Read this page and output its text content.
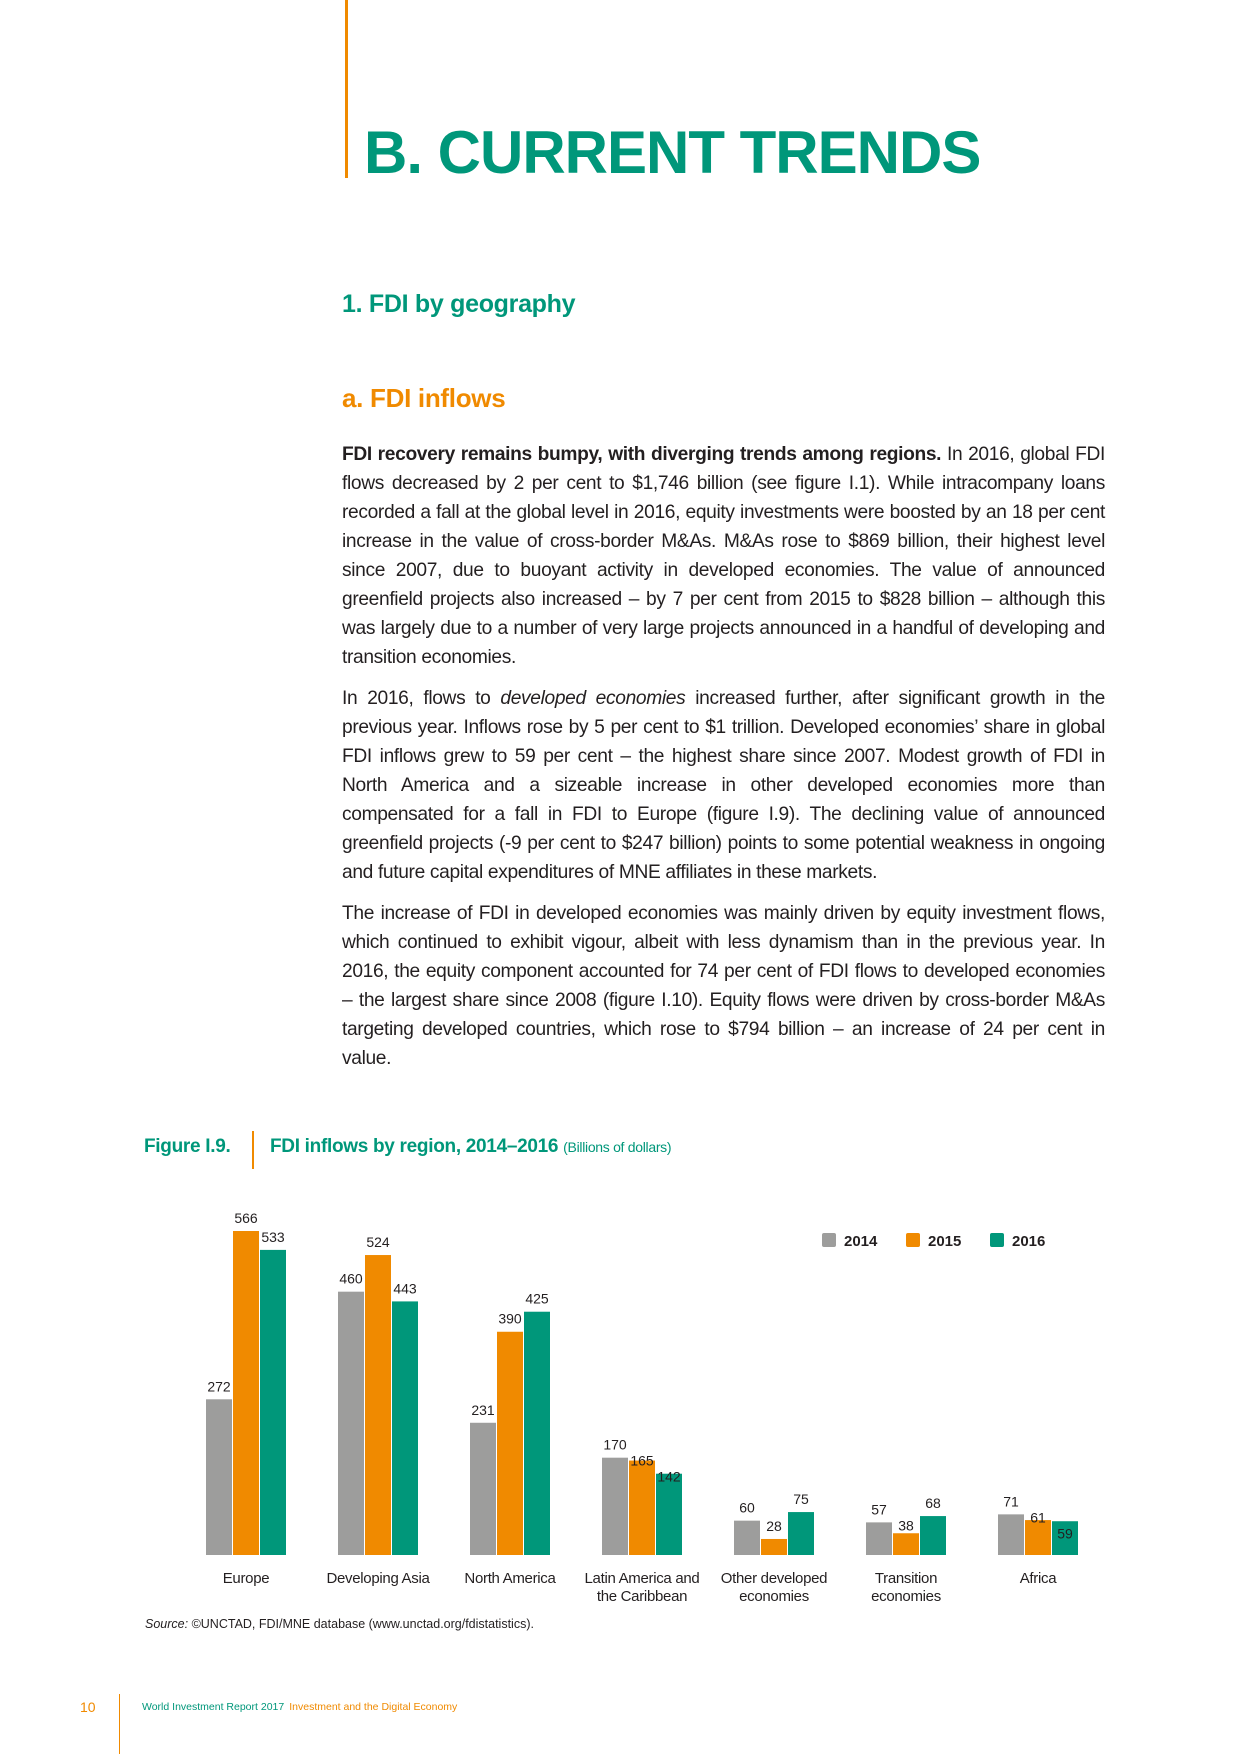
B. CURRENT TRENDS
1. FDI by geography
a. FDI inflows

FDI recovery remains bumpy, with diverging trends among regions. In 2016, global FDI flows decreased by 2 per cent to $1,746 billion (see figure I.1). While intracompany loans recorded a fall at the global level in 2016, equity investments were boosted by an 18 per cent increase in the value of cross-border M&As. M&As rose to $869 billion, their highest level since 2007, due to buoyant activity in developed economies. The value of announced greenfield projects also increased – by 7 per cent from 2015 to $828 billion – although this was largely due to a number of very large projects announced in a handful of developing and transition economies.

In 2016, flows to developed economies increased further, after significant growth in the previous year. Inflows rose by 5 per cent to $1 trillion. Developed economies’ share in global FDI inflows grew to 59 per cent – the highest share since 2007. Modest growth of FDI in North America and a sizeable increase in other developed economies more than compensated for a fall in FDI to Europe (figure I.9). The declining value of announced greenfield projects (-9 per cent to $247 billion) points to some potential weakness in ongoing and future capital expenditures of MNE affiliates in these markets.

The increase of FDI in developed economies was mainly driven by equity investment flows, which continued to exhibit vigour, albeit with less dynamism than in the previous year. In 2016, the equity component accounted for 74 per cent of FDI flows to developed economies – the largest share since 2008 (figure I.10). Equity flows were driven by cross-border M&As targeting developed countries, which rose to $794 billion – an increase of 24 per cent in value.

Figure I.9. FDI inflows by region, 2014–2016 (Billions of dollars)
272
566
533
460
524
443
231
390
425
170
165
142
60
28
75
57
38
68	71
61
59
Europe	Developing Asia North America Latin America and
the Caribbean
Other developed
economies
Transition
economies
Africa
2014	2015	2016
Source: ©UNCTAD, FDI/MNE database (www.unctad.org/fdistatistics).
10	World Investment Report 2017 Investment and the Digital Economy
